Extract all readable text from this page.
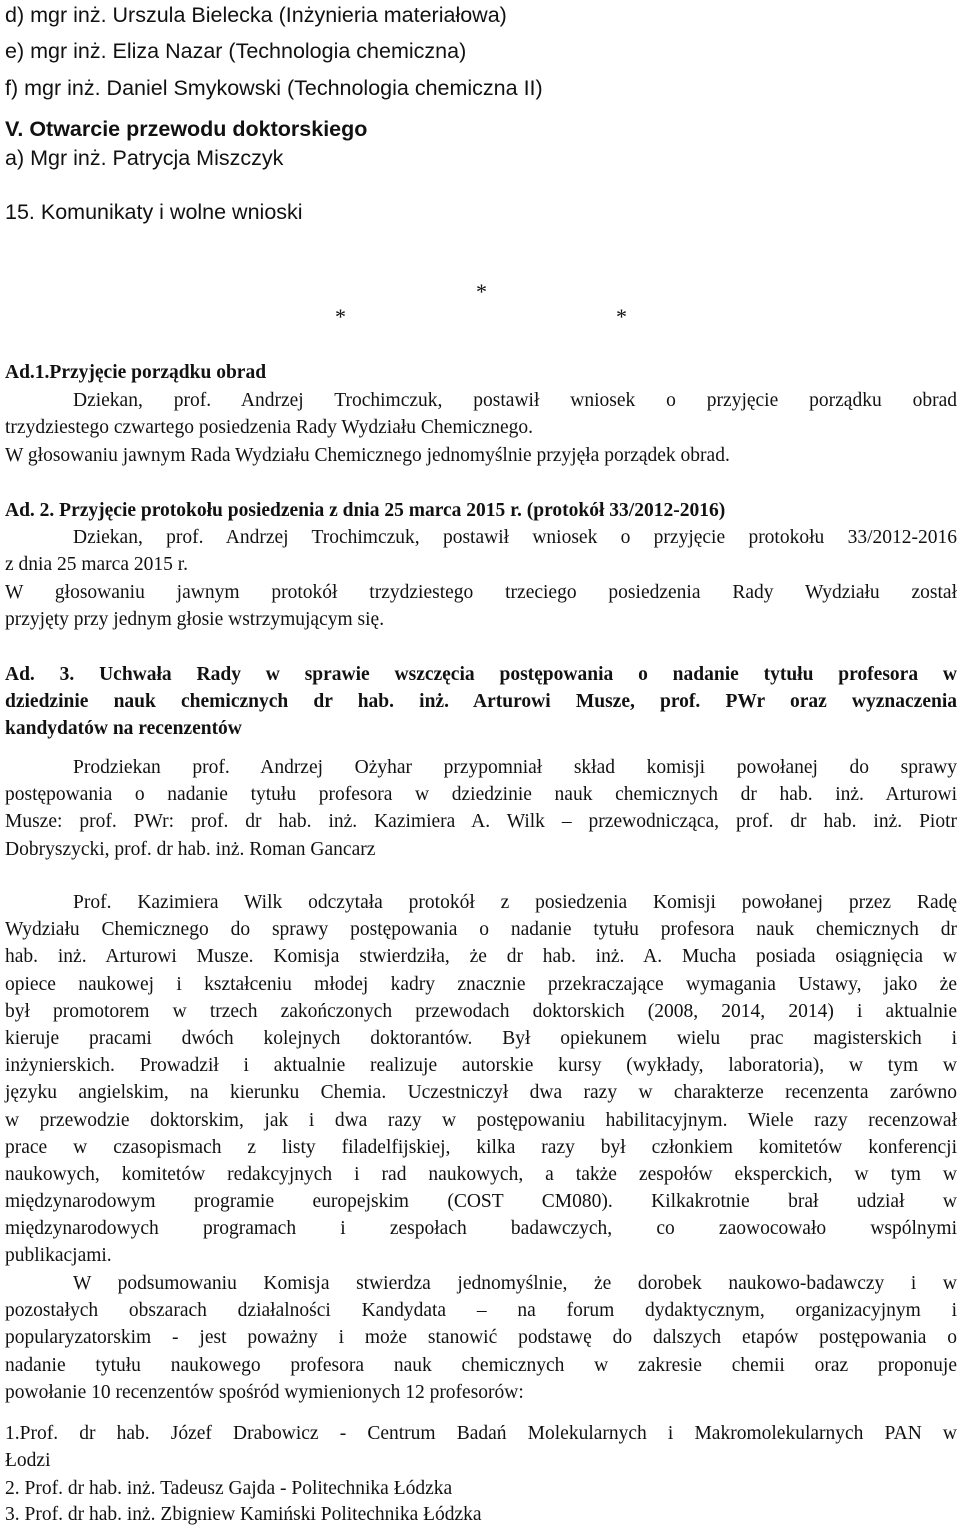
d) mgr inż. Urszula Bielecka (Inżynieria materiałowa)
e) mgr inż. Eliza Nazar (Technologia chemiczna)
f) mgr inż. Daniel Smykowski (Technologia chemiczna II)
V. Otwarcie przewodu doktorskiego
a) Mgr inż. Patrycja Miszczyk
15. Komunikaty i wolne wnioski
*
*	*
Ad.1.Przyjęcie porządku obrad
Dziekan, prof. Andrzej Trochimczuk, postawił wniosek o przyjęcie porządku obrad
trzydziestego czwartego posiedzenia Rady Wydziału Chemicznego.
W głosowaniu jawnym Rada Wydziału Chemicznego jednomyślnie przyjęła porządek obrad.
Ad. 2. Przyjęcie protokołu posiedzenia z dnia 25 marca 2015 r. (protokół 33/2012-2016)
Dziekan, prof. Andrzej Trochimczuk, postawił wniosek o przyjęcie protokołu 33/2012-2016
z dnia 25 marca 2015 r.
W głosowaniu jawnym protokół trzydziestego trzeciego posiedzenia Rady Wydziału został
przyjęty przy jednym głosie wstrzymującym się.
Ad. 3. Uchwała Rady w sprawie wszczęcia postępowania o nadanie tytułu profesora w
dziedzinie nauk chemicznych dr hab. inż. Arturowi Musze, prof. PWr oraz wyznaczenia
kandydatów na recenzentów
Prodziekan prof. Andrzej Ożyhar przypomniał skład komisji powołanej do sprawy
postępowania o nadanie tytułu profesora w dziedzinie nauk chemicznych dr hab. inż. Arturowi
Musze: prof. PWr: prof. dr hab. inż. Kazimiera A. Wilk – przewodnicząca, prof. dr hab. inż. Piotr
Dobryszycki, prof. dr hab. inż. Roman Gancarz
Prof. Kazimiera Wilk odczytała protokół z posiedzenia Komisji powołanej przez Radę
Wydziału Chemicznego do sprawy postępowania o nadanie tytułu profesora nauk chemicznych dr
hab. inż. Arturowi Musze. Komisja stwierdziła, że dr hab. inż. A. Mucha posiada osiągnięcia w
opiece naukowej i kształceniu młodej kadry znacznie przekraczające wymagania Ustawy, jako że
był promotorem w trzech zakończonych przewodach doktorskich (2008, 2014, 2014) i aktualnie
kieruje pracami dwóch kolejnych doktorantów. Był opiekunem wielu prac magisterskich i
inżynierskich. Prowadził i aktualnie realizuje autorskie kursy (wykłady, laboratoria), w tym w
języku angielskim, na kierunku Chemia. Uczestniczył dwa razy w charakterze recenzenta zarówno
w przewodzie doktorskim, jak i dwa razy w postępowaniu habilitacyjnym. Wiele razy recenzował
prace w czasopismach z listy filadelfijskiej, kilka razy był członkiem komitetów konferencji
naukowych, komitetów redakcyjnych i rad naukowych, a także zespołów eksperckich, w tym w
międzynarodowym programie europejskim (COST CM080). Kilkakrotnie brał udział w
międzynarodowych programach i zespołach badawczych, co zaowocowało wspólnymi
publikacjami.
W podsumowaniu Komisja stwierdza jednomyślnie, że dorobek naukowo-badawczy i w
pozostałych obszarach działalności Kandydata – na forum dydaktycznym, organizacyjnym i
popularyzatorskim - jest poważny i może stanowić podstawę do dalszych etapów postępowania o
nadanie tytułu naukowego profesora nauk chemicznych w zakresie chemii oraz proponuje
powołanie 10 recenzentów spośród wymienionych 12 profesorów:
1.Prof. dr hab. Józef Drabowicz - Centrum Badań Molekularnych i Makromolekularnych PAN w
Łodzi
2. Prof. dr hab. inż. Tadeusz Gajda - Politechnika Łódzka
3. Prof. dr hab. inż. Zbigniew Kamiński Politechnika Łódzka
